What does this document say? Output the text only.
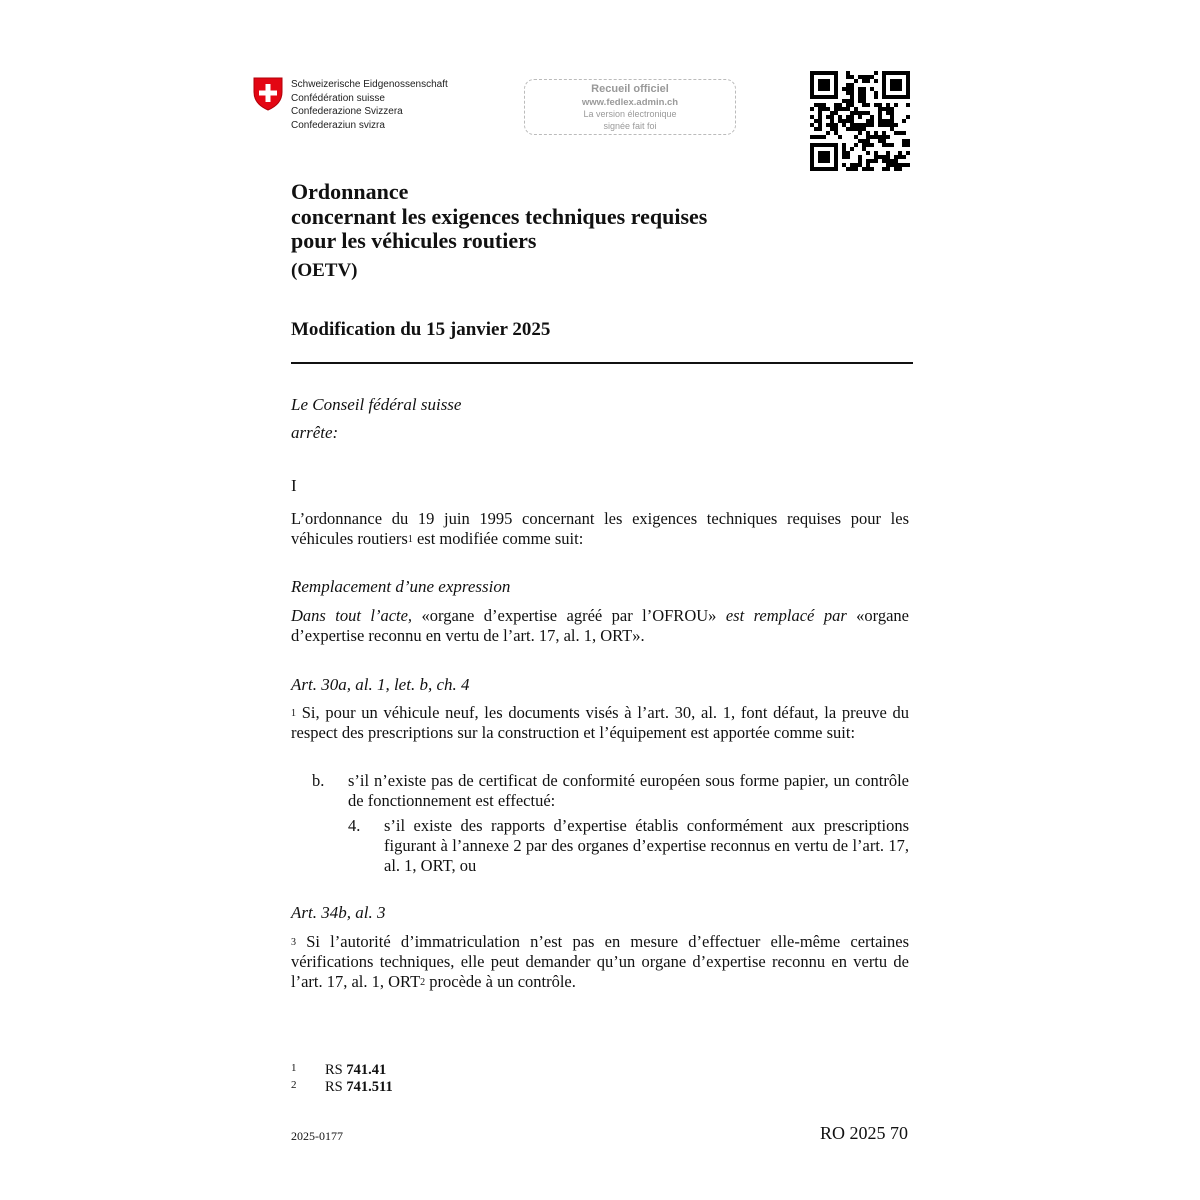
Schweizerische Eidgenossenschaft
Confédération suisse
Confederazione Svizzera
Confederaziun svizra
Recueil officiel
www.fedlex.admin.ch
La version électronique
signée fait foi
Ordonnance
concernant les exigences techniques requises
pour les véhicules routiers
(OETV)
Modification du 15 janvier 2025
Le Conseil fédéral suisse
arrête:
I
L’ordonnance du 19 juin 1995 concernant les exigences techniques requises pour les véhicules routiers$^1$ est modifiée comme suit:
Remplacement d’une expression
Dans tout l’acte, «organe d’expertise agréé par l’OFROU» est remplacé par «organe d’expertise reconnu en vertu de l’art. 17, al. 1, ORT».
Art. 30a, al. 1, let. b, ch. 4
$^1$ Si, pour un véhicule neuf, les documents visés à l’art. 30, al. 1, font défaut, la preuve du respect des prescriptions sur la construction et l’équipement est apportée comme suit:
b. s’il n’existe pas de certificat de conformité européen sous forme papier, un contrôle de fonctionnement est effectué:
4. s’il existe des rapports d’expertise établis conformément aux prescriptions figurant à l’annexe 2 par des organes d’expertise reconnus en vertu de l’art. 17, al. 1, ORT, ou
Art. 34b, al. 3
$^3$ Si l’autorité d’immatriculation n’est pas en mesure d’effectuer elle-même certaines vérifications techniques, elle peut demander qu’un organe d’expertise reconnu en vertu de l’art. 17, al. 1, ORT$^2$ procède à un contrôle.
1 RS 741.41
2 RS 741.511
2025-0177	RO 2025 70
